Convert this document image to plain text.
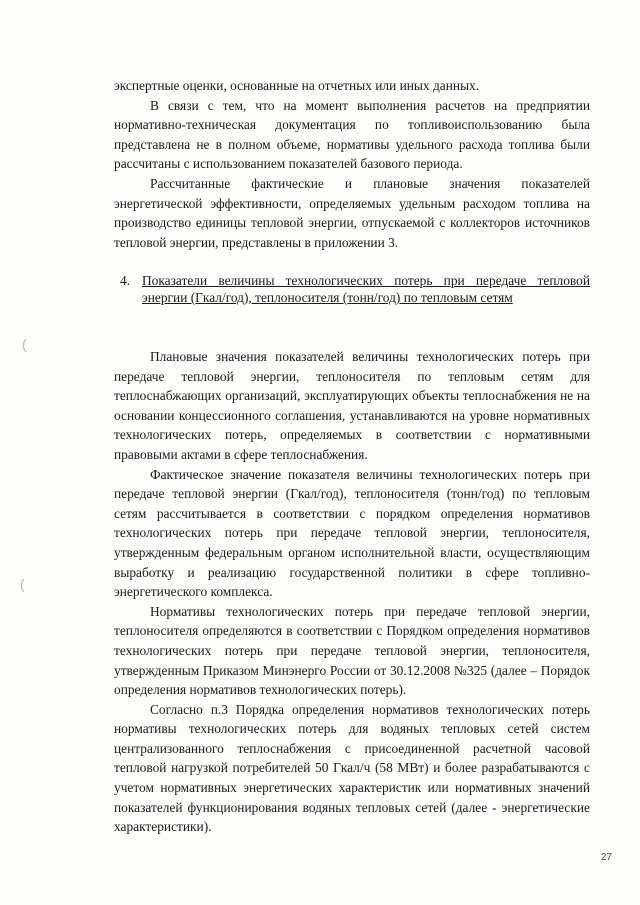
экспертные оценки, основанные на отчетных или иных данных.

В связи с тем, что на момент выполнения расчетов на предприятии нормативно-техническая документация по топливоиспользованию была представлена не в полном объеме, нормативы удельного расхода топлива были рассчитаны с использованием показателей базового периода.

Рассчитанные фактические и плановые значения показателей энергетической эффективности, определяемых удельным расходом топлива на производство единицы тепловой энергии, отпускаемой с коллекторов источников тепловой энергии, представлены в приложении 3.

4. Показатели величины технологических потерь при передаче тепловой энергии (Гкал/год), теплоносителя (тонн/год) по тепловым сетям

Плановые значения показателей величины технологических потерь при передаче тепловой энергии, теплоносителя по тепловым сетям для теплоснабжающих организаций, эксплуатирующих объекты теплоснабжения не на основании концессионного соглашения, устанавливаются на уровне нормативных технологических потерь, определяемых в соответствии с нормативными правовыми актами в сфере теплоснабжения.

Фактическое значение показателя величины технологических потерь при передаче тепловой энергии (Гкал/год), теплоносителя (тонн/год) по тепловым сетям рассчитывается в соответствии с порядком определения нормативов технологических потерь при передаче тепловой энергии, теплоносителя, утвержденным федеральным органом исполнительной власти, осуществляющим выработку и реализацию государственной политики в сфере топливно-энергетического комплекса.

Нормативы технологических потерь при передаче тепловой энергии, теплоносителя определяются в соответствии с Порядком определения нормативов технологических потерь при передаче тепловой энергии, теплоносителя, утвержденным Приказом Минэнерго России от 30.12.2008 №325 (далее – Порядок определения нормативов технологических потерь).

Согласно п.3 Порядка определения нормативов технологических потерь нормативы технологических потерь для водяных тепловых сетей систем централизованного теплоснабжения с присоединенной расчетной часовой тепловой нагрузкой потребителей 50 Гкал/ч (58 МВт) и более разрабатываются с учетом нормативных энергетических характеристик или нормативных значений показателей функционирования водяных тепловых сетей (далее - энергетические характеристики).

(
(
27
